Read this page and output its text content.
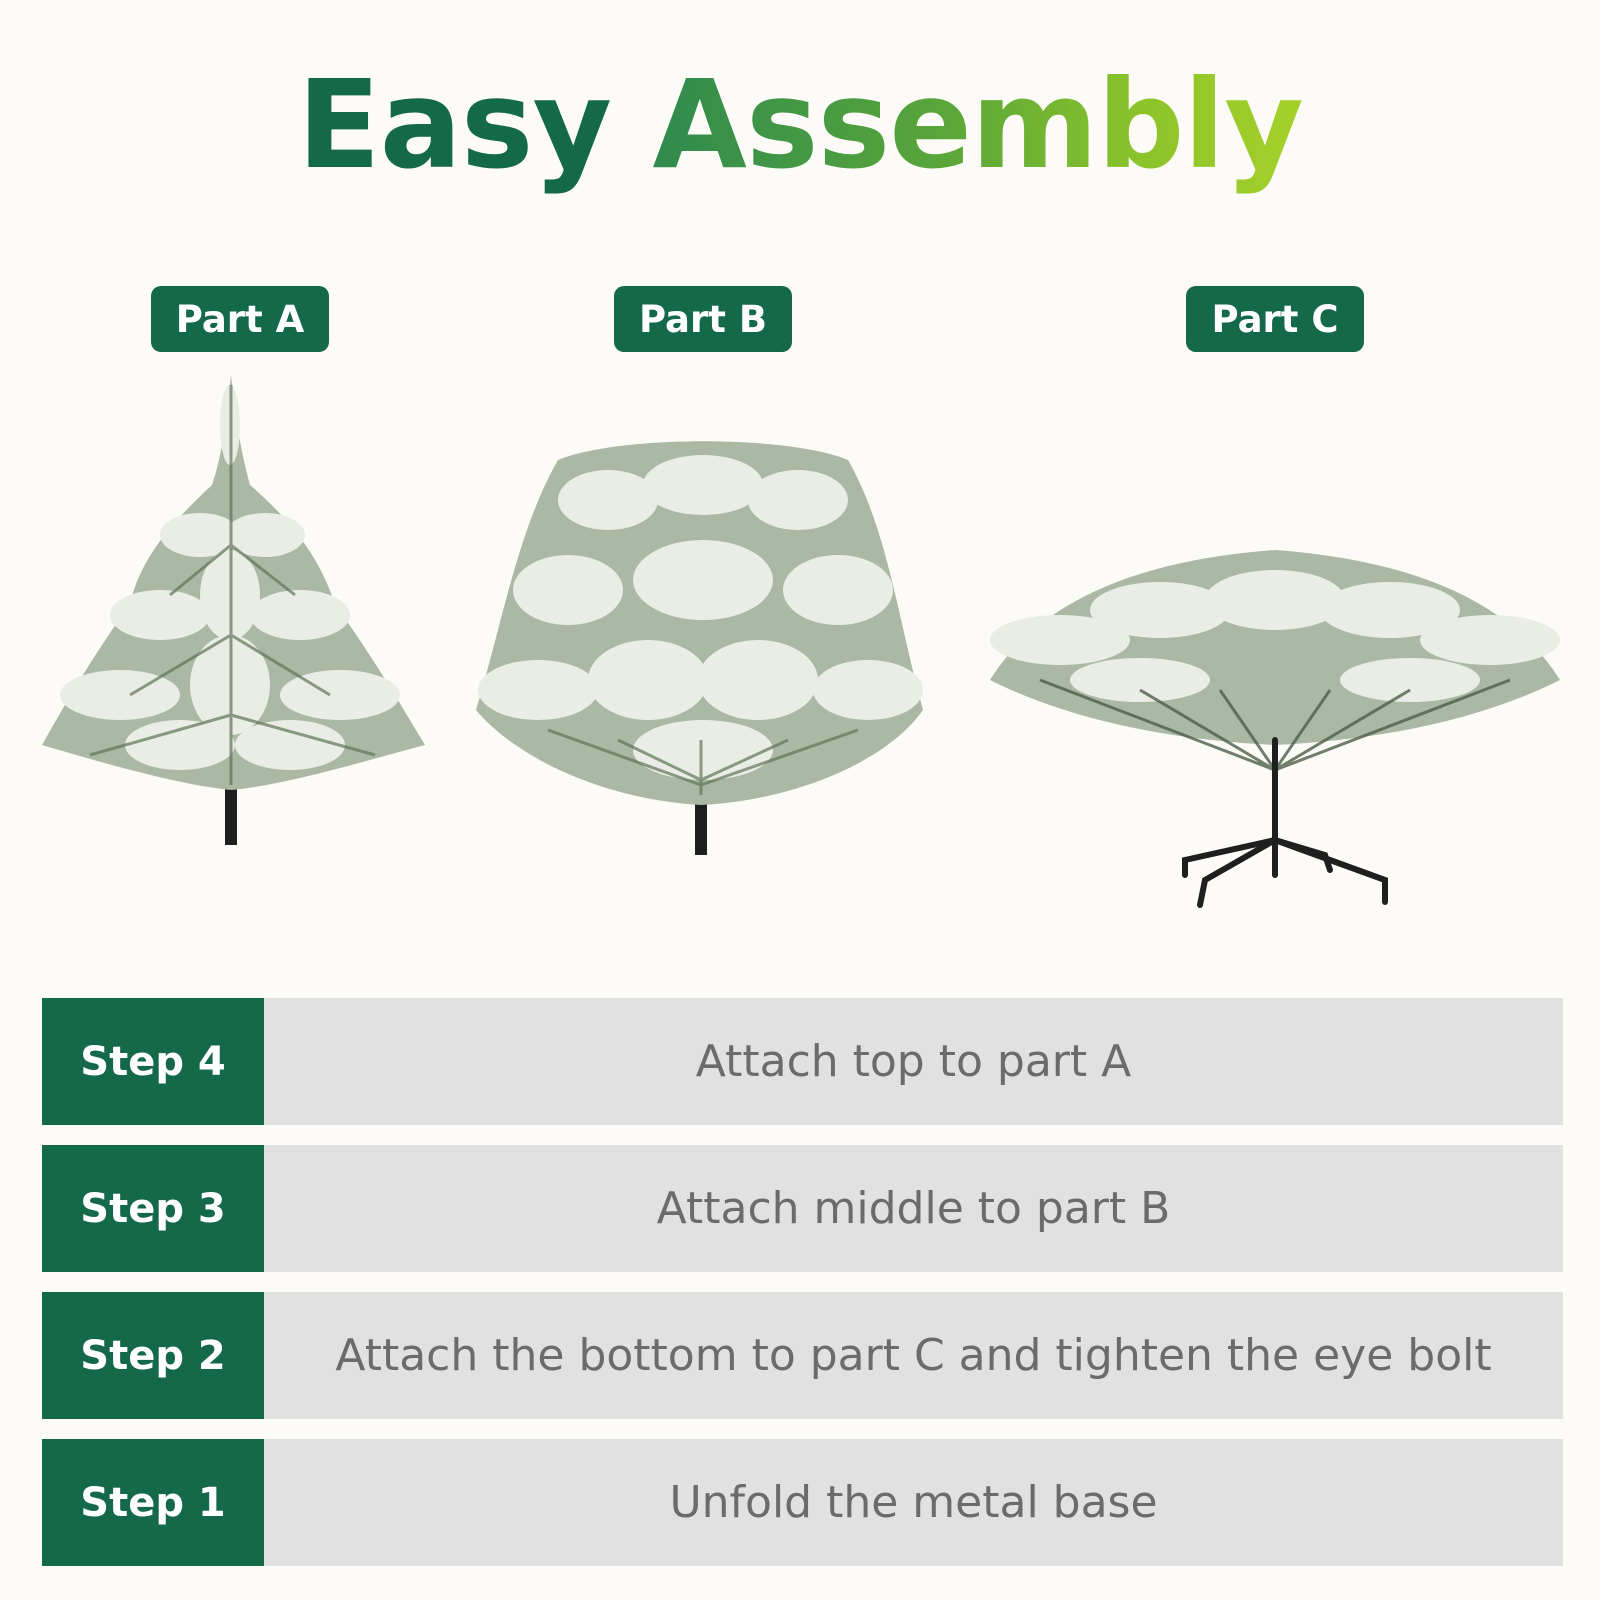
Easy Assembly
Part A	Part B	Part C
Step 4	Attach top to part A
Step 3	Attach middle to part B
Step 2	Attach the bottom to part C and tighten the eye bolt
Step 1	Unfold the metal base
